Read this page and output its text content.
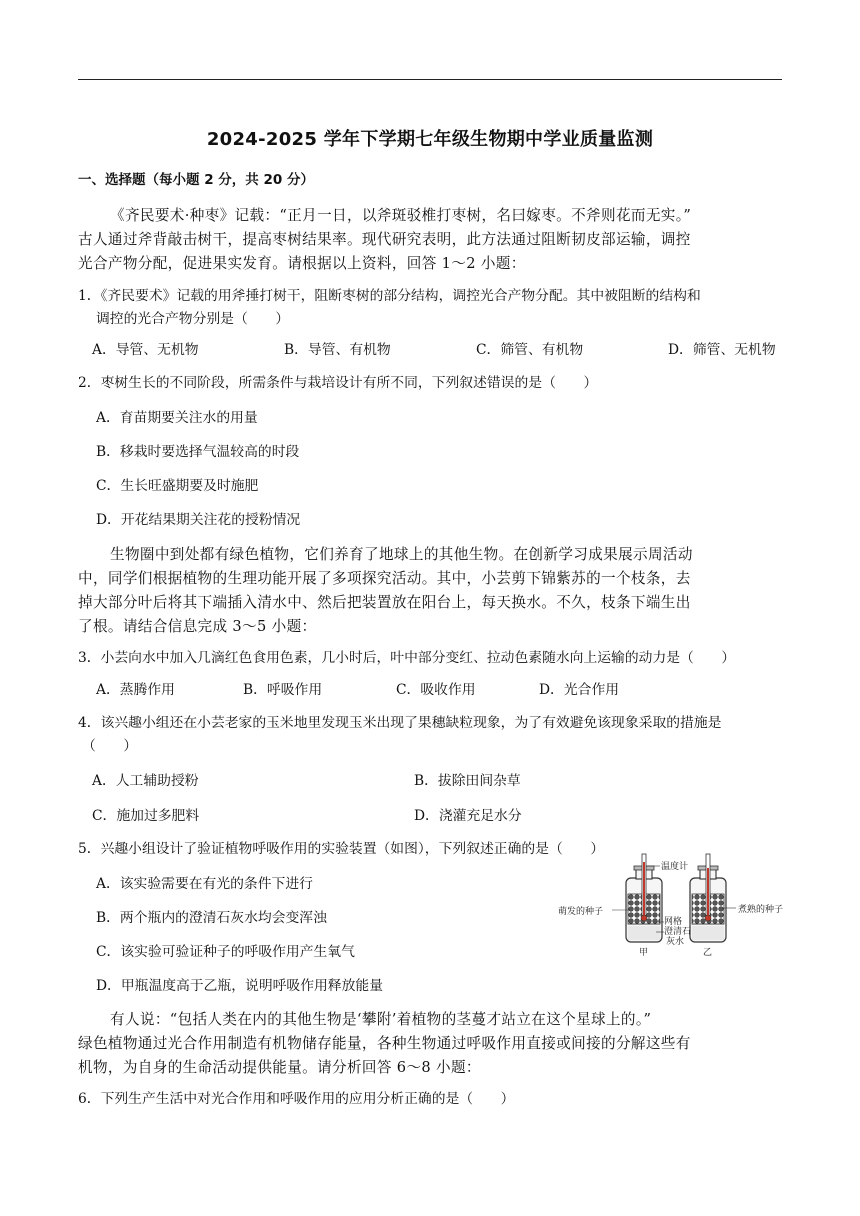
2024-2025 学年下学期七年级生物期中学业质量监测
一、选择题（每小题 2 分，共 20 分）
《齐民要术·种枣》记载：“正月一日，以斧斑驳椎打枣树，名曰嫁枣。不斧则花而无实。”
古人通过斧背敲击树干，提高枣树结果率。现代研究表明，此方法通过阻断韧皮部运输，调控
光合产物分配，促进果实发育。请根据以上资料，回答 1～2 小题：
1．《齐民要术》记载的用斧捶打树干，阻断枣树的部分结构，调控光合产物分配。其中被阻断的结构和
调控的光合产物分别是（　　）
A．导管、无机物	B．导管、有机物	C．筛管、有机物	D．筛管、无机物
2．枣树生长的不同阶段，所需条件与栽培设计有所不同，下列叙述错误的是（　　）
A．育苗期要关注水的用量
B．移栽时要选择气温较高的时段
C．生长旺盛期要及时施肥
D．开花结果期关注花的授粉情况
生物圈中到处都有绿色植物，它们养育了地球上的其他生物。在创新学习成果展示周活动
中，同学们根据植物的生理功能开展了多项探究活动。其中，小芸剪下锦紫苏的一个枝条，去
掉大部分叶后将其下端插入清水中、然后把装置放在阳台上，每天换水。不久，枝条下端生出
了根。请结合信息完成 3～5 小题：
3．小芸向水中加入几滴红色食用色素，几小时后，叶中部分变红、拉动色素随水向上运输的动力是（　　）
A．蒸腾作用	B．呼吸作用	C．吸收作用	D．光合作用
4．该兴趣小组还在小芸老家的玉米地里发现玉米出现了果穗缺粒现象，为了有效避免该现象采取的措施是
（　　）
A．人工辅助授粉	B．拔除田间杂草
C．施加过多肥料	D．浇灌充足水分
5．兴趣小组设计了验证植物呼吸作用的实验装置（如图），下列叙述正确的是（　　）
A．该实验需要在有光的条件下进行
B．两个瓶内的澄清石灰水均会变浑浊
C．该实验可验证种子的呼吸作用产生氧气
D．甲瓶温度高于乙瓶，说明呼吸作用释放能量
温度计
萌发的种子	煮熟的种子
网格
澄清石
灰水
甲	乙
有人说：“包括人类在内的其他生物是‘攀附’着植物的茎蔓才站立在这个星球上的。”
绿色植物通过光合作用制造有机物储存能量，各种生物通过呼吸作用直接或间接的分解这些有
机物，为自身的生命活动提供能量。请分析回答 6～8 小题：
6．下列生产生活中对光合作用和呼吸作用的应用分析正确的是（　　）
